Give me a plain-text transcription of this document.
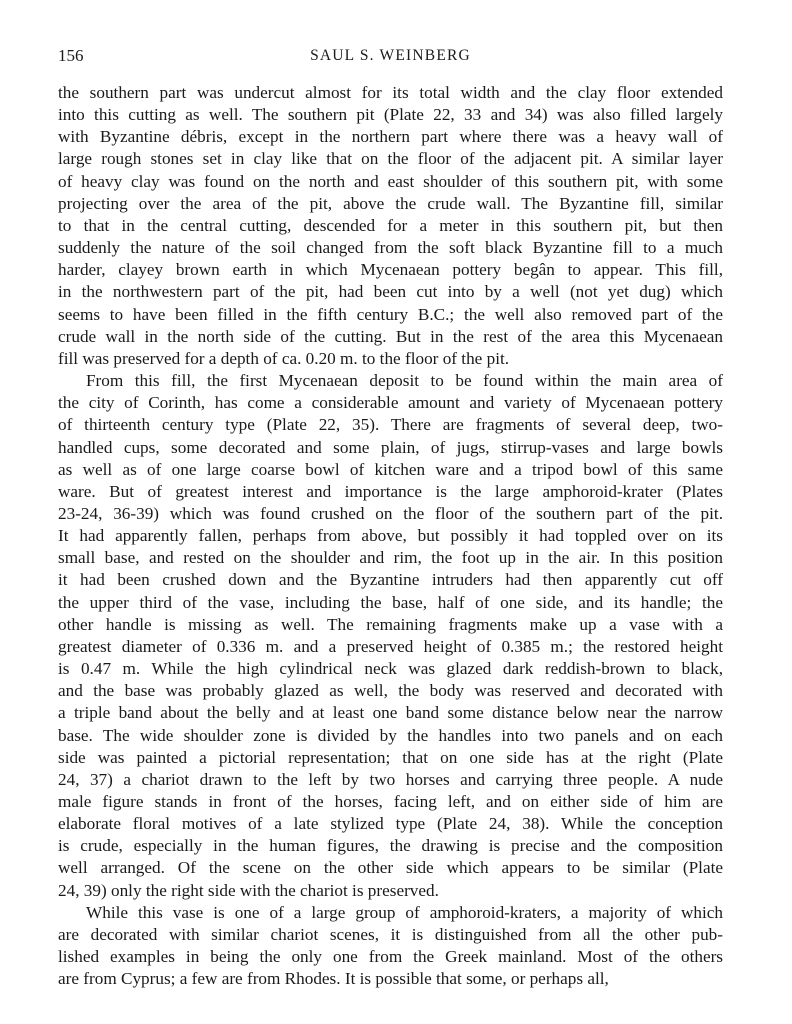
156	SAUL S. WEINBERG
the southern part was undercut almost for its total width and the clay floor extended
into this cutting as well. The southern pit (Plate 22, 33 and 34) was also filled largely
with Byzantine débris, except in the northern part where there was a heavy wall of
large rough stones set in clay like that on the floor of the adjacent pit. A similar layer
of heavy clay was found on the north and east shoulder of this southern pit, with some
projecting over the area of the pit, above the crude wall. The Byzantine fill, similar
to that in the central cutting, descended for a meter in this southern pit, but then
suddenly the nature of the soil changed from the soft black Byzantine fill to a much
harder, clayey brown earth in which Mycenaean pottery begân to appear. This fill,
in the northwestern part of the pit, had been cut into by a well (not yet dug) which
seems to have been filled in the fifth century B.C.; the well also removed part of the
crude wall in the north side of the cutting. But in the rest of the area this Mycenaean
fill was preserved for a depth of ca. 0.20 m. to the floor of the pit.
From this fill, the first Mycenaean deposit to be found within the main area of
the city of Corinth, has come a considerable amount and variety of Mycenaean pottery
of thirteenth century type (Plate 22, 35). There are fragments of several deep, two-
handled cups, some decorated and some plain, of jugs, stirrup-vases and large bowls
as well as of one large coarse bowl of kitchen ware and a tripod bowl of this same
ware. But of greatest interest and importance is the large amphoroid-krater (Plates
23-24, 36-39) which was found crushed on the floor of the southern part of the pit.
It had apparently fallen, perhaps from above, but possibly it had toppled over on its
small base, and rested on the shoulder and rim, the foot up in the air. In this position
it had been crushed down and the Byzantine intruders had then apparently cut off
the upper third of the vase, including the base, half of one side, and its handle; the
other handle is missing as well. The remaining fragments make up a vase with a
greatest diameter of 0.336 m. and a preserved height of 0.385 m.; the restored height
is 0.47 m. While the high cylindrical neck was glazed dark reddish-brown to black,
and the base was probably glazed as well, the body was reserved and decorated with
a triple band about the belly and at least one band some distance below near the narrow
base. The wide shoulder zone is divided by the handles into two panels and on each
side was painted a pictorial representation; that on one side has at the right (Plate
24, 37) a chariot drawn to the left by two horses and carrying three people. A nude
male figure stands in front of the horses, facing left, and on either side of him are
elaborate floral motives of a late stylized type (Plate 24, 38). While the conception
is crude, especially in the human figures, the drawing is precise and the composition
well arranged. Of the scene on the other side which appears to be similar (Plate
24, 39) only the right side with the chariot is preserved.
While this vase is one of a large group of amphoroid-kraters, a majority of which
are decorated with similar chariot scenes, it is distinguished from all the other pub-
lished examples in being the only one from the Greek mainland. Most of the others
are from Cyprus; a few are from Rhodes. It is possible that some, or perhaps all,
